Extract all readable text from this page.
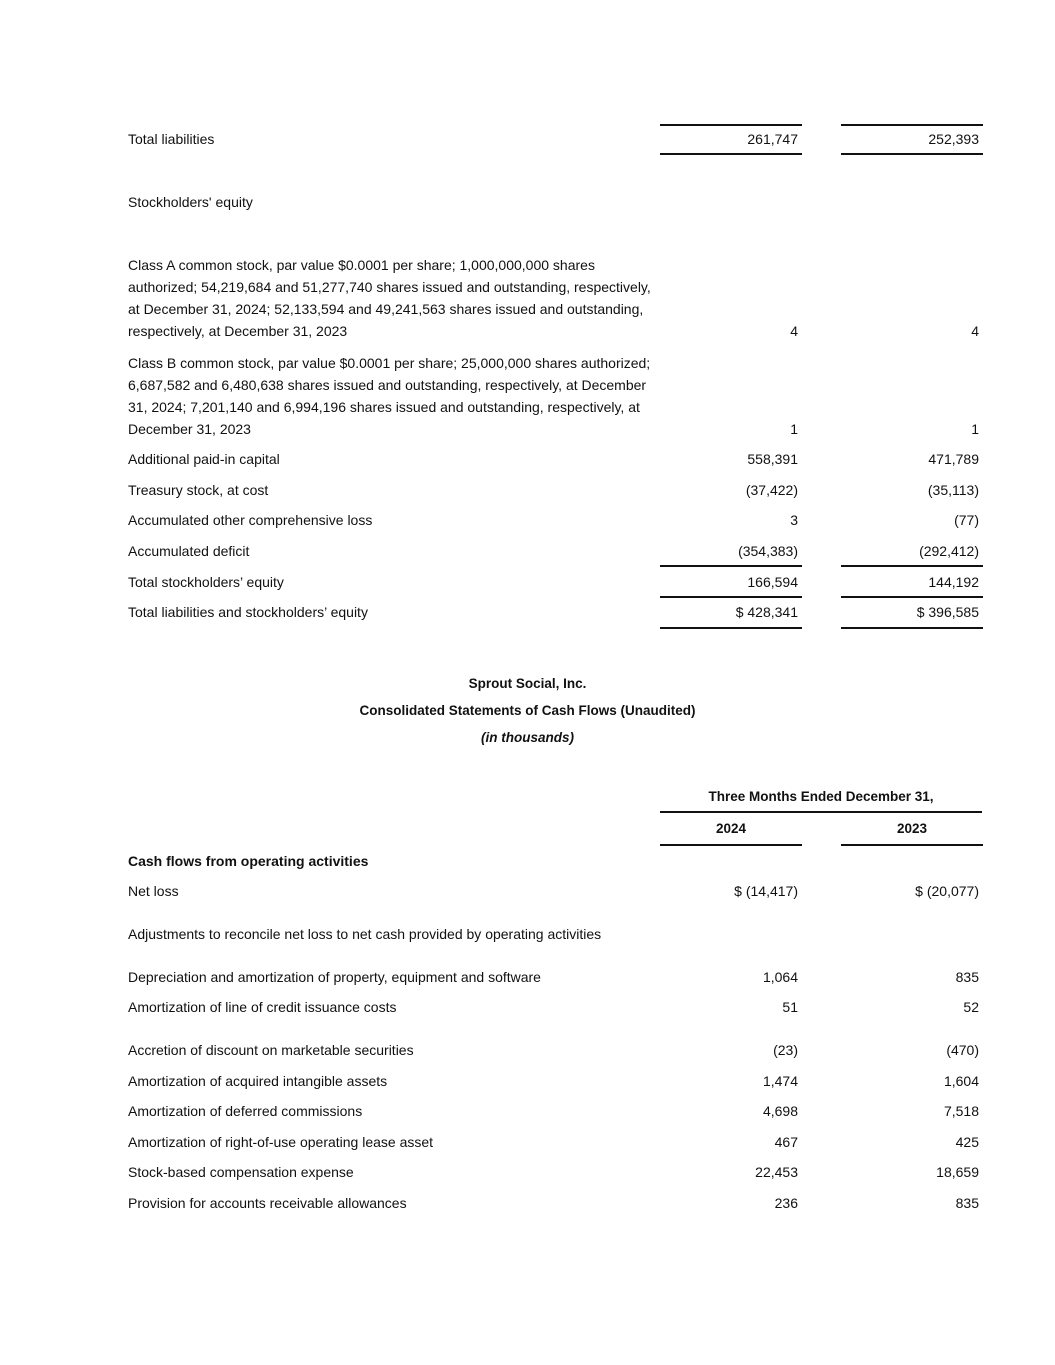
Total liabilities	261,747	252,393
Stockholders' equity
Class A common stock, par value $0.0001 per share; 1,000,000,000 shares authorized; 54,219,684 and 51,277,740 shares issued and outstanding, respectively, at December 31, 2024; 52,133,594 and 49,241,563 shares issued and outstanding, respectively, at December 31, 2023	4	4
Class B common stock, par value $0.0001 per share; 25,000,000 shares authorized; 6,687,582 and 6,480,638 shares issued and outstanding, respectively, at December 31, 2024; 7,201,140 and 6,994,196 shares issued and outstanding, respectively, at December 31, 2023	1	1
Additional paid-in capital	558,391	471,789
Treasury stock, at cost	(37,422)	(35,113)
Accumulated other comprehensive loss	3	(77)
Accumulated deficit	(354,383)	(292,412)
Total stockholders’ equity	166,594	144,192
Total liabilities and stockholders’ equity	$ 428,341	$ 396,585
Sprout Social, Inc.
Consolidated Statements of Cash Flows (Unaudited)
(in thousands)
Three Months Ended December 31,
2024	2023
Cash flows from operating activities
Net loss	$ (14,417)	$ (20,077)
Adjustments to reconcile net loss to net cash provided by operating activities
Depreciation and amortization of property, equipment and software	1,064	835
Amortization of line of credit issuance costs	51	52
Accretion of discount on marketable securities	(23)	(470)
Amortization of acquired intangible assets	1,474	1,604
Amortization of deferred commissions	4,698	7,518
Amortization of right-of-use operating lease asset	467	425
Stock-based compensation expense	22,453	18,659
Provision for accounts receivable allowances	236	835
